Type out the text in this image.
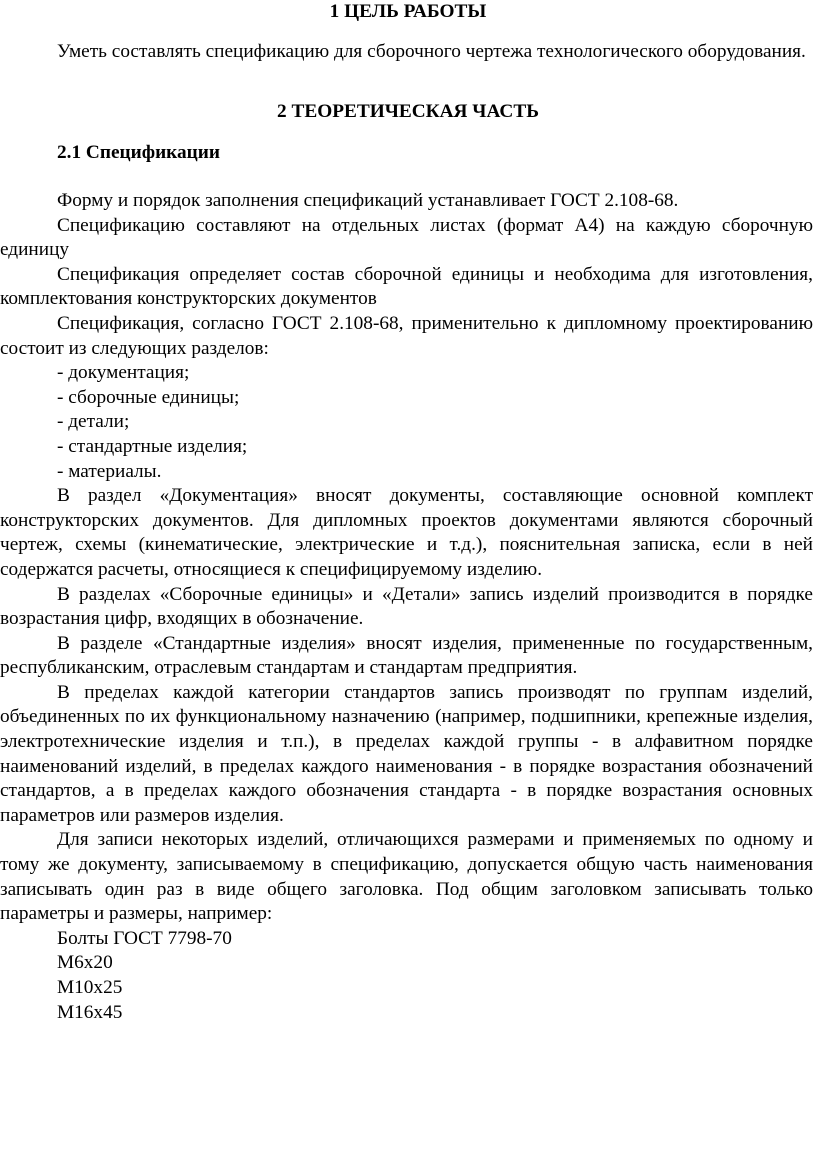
1 ЦЕЛЬ РАБОТЫ

Уметь составлять спецификацию для сборочного чертежа технологического оборудования.

2 ТЕОРЕТИЧЕСКАЯ ЧАСТЬ

2.1 Спецификации

Форму и порядок заполнения спецификаций устанавливает ГОСТ 2.108-68.

Спецификацию составляют на отдельных листах (формат А4) на каждую сборочную единицу

Спецификация определяет состав сборочной единицы и необходима для изготовления, комплектования конструкторских документов

Спецификация, согласно ГОСТ 2.108-68, применительно к дипломному проектированию состоит из следующих разделов:

- документация;

- сборочные единицы;

- детали;

- стандартные изделия;

- материалы.

В раздел «Документация» вносят документы, составляющие основной комплект конструкторских документов. Для дипломных проектов документами являются сборочный чертеж, схемы (кинематические, электрические и т.д.), пояснительная записка, если в ней содержатся расчеты, относящиеся к специфицируемому изделию.

В разделах «Сборочные единицы» и «Детали» запись изделий производится в порядке возрастания цифр, входящих в обозначение.

В разделе «Стандартные изделия» вносят изделия, примененные по государственным, республиканским, отраслевым стандартам и стандартам предприятия.

В пределах каждой категории стандартов запись производят по группам изделий, объединенных по их функциональному назначению (например, подшипники, крепежные изделия, электротехнические изделия и т.п.), в пределах каждой группы - в алфавитном порядке наименований изделий, в пределах каждого наименования - в порядке возрастания обозначений стандартов, а в пределах каждого обозначения стандарта - в порядке возрастания основных параметров или размеров изделия.

Для записи некоторых изделий, отличающихся размерами и применяемых по одному и тому же документу, записываемому в спецификацию, допускается общую часть наименования записывать один раз в виде общего заголовка. Под общим заголовком записывать только параметры и размеры, например:

Болты ГОСТ 7798-70

М6х20

М10х25

М16х45
